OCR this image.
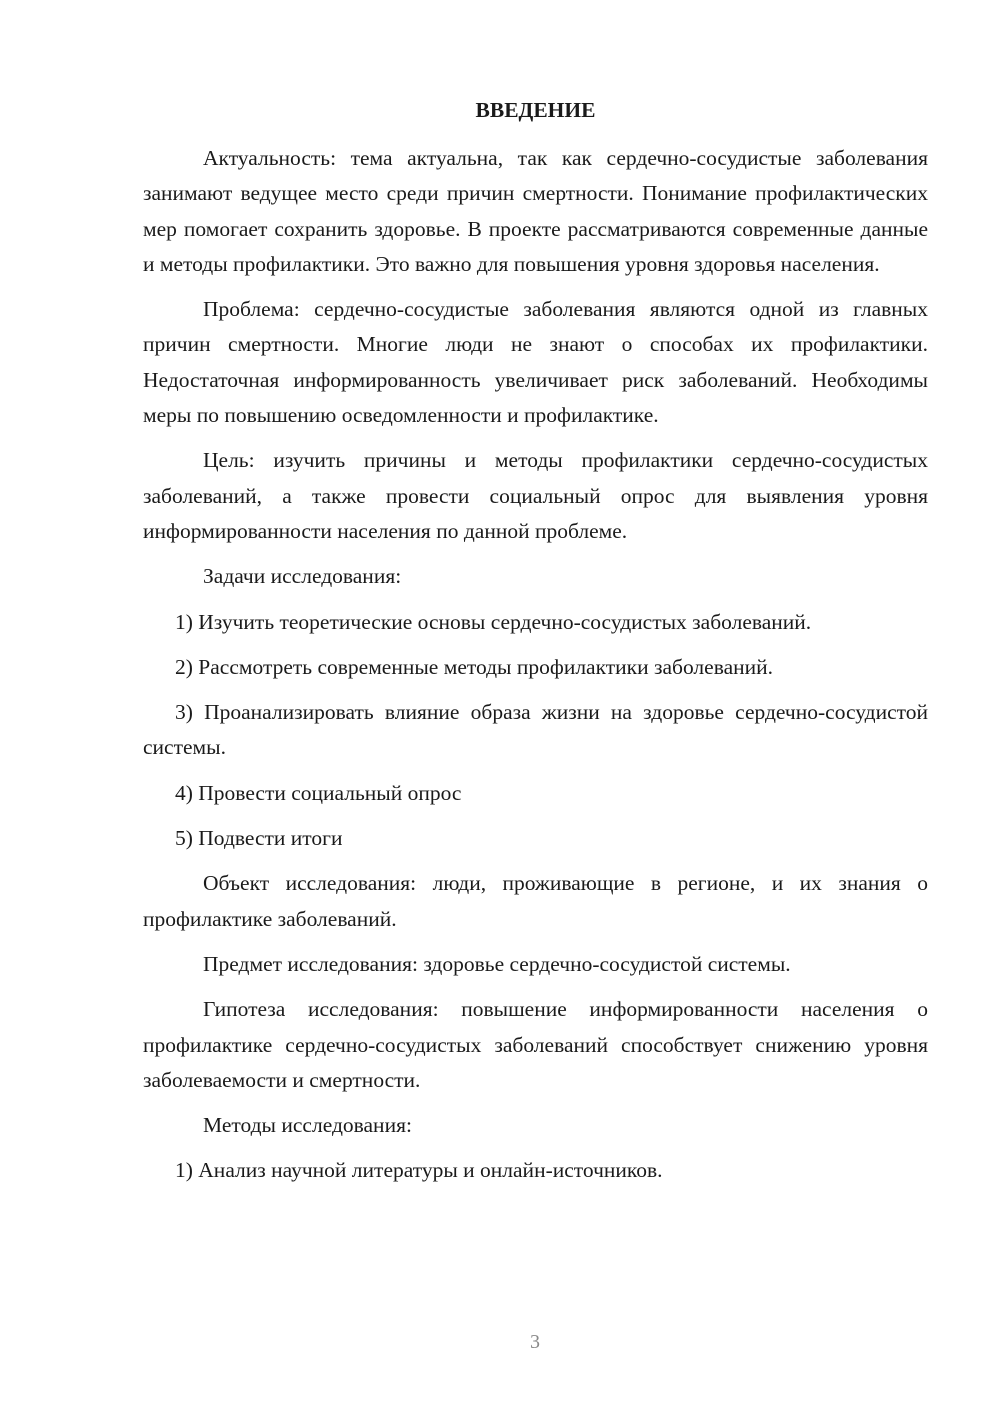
ВВЕДЕНИЕ

Актуальность: тема актуальна, так как сердечно-сосудистые заболевания занимают ведущее место среди причин смертности. Понимание профилактических мер помогает сохранить здоровье. В проекте рассматриваются современные данные и методы профилактики. Это важно для повышения уровня здоровья населения.

Проблема: сердечно-сосудистые заболевания являются одной из главных причин смертности. Многие люди не знают о способах их профилактики. Недостаточная информированность увеличивает риск заболеваний. Необходимы меры по повышению осведомленности и профилактике.

Цель: изучить причины и методы профилактики сердечно-сосудистых заболеваний, а также провести социальный опрос для выявления уровня информированности населения по данной проблеме.

Задачи исследования:

1) Изучить теоретические основы сердечно-сосудистых заболеваний.

2) Рассмотреть современные методы профилактики заболеваний.

3) Проанализировать влияние образа жизни на здоровье сердечно-сосудистой системы.

4) Провести социальный опрос

5) Подвести итоги

Объект исследования: люди, проживающие в регионе, и их знания о профилактике заболеваний.

Предмет исследования: здоровье сердечно-сосудистой системы.

Гипотеза исследования: повышение информированности населения о профилактике сердечно-сосудистых заболеваний способствует снижению уровня заболеваемости и смертности.

Методы исследования:

1) Анализ научной литературы и онлайн-источников.

3
